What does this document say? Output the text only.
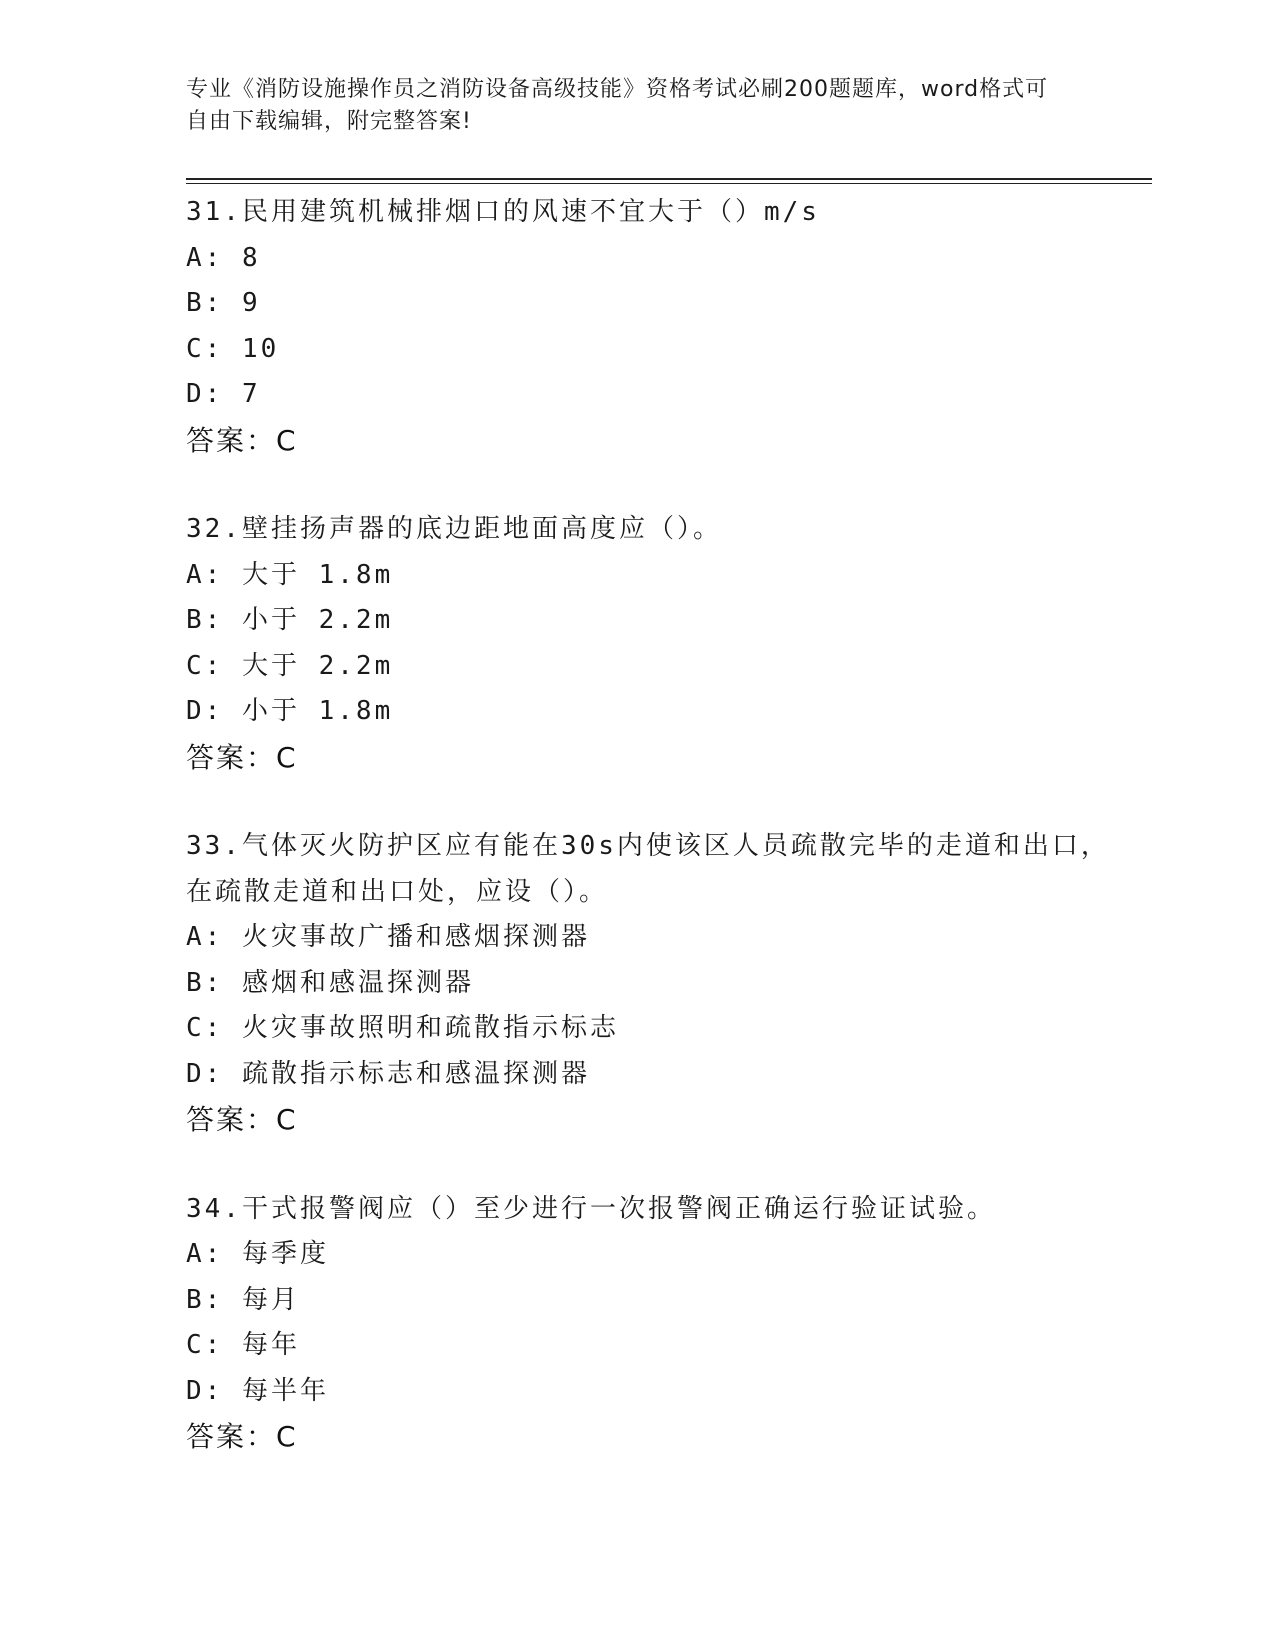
专业《消防设施操作员之消防设备高级技能》资格考试必刷200题题库，word格式可自由下载编辑，附完整答案!
31.民用建筑机械排烟口的风速不宜大于（）m/s
A: 8
B: 9
C: 10
D: 7
答案：C
32.壁挂扬声器的底边距地面高度应（）。
A: 大于 1.8m
B: 小于 2.2m
C: 大于 2.2m
D: 小于 1.8m
答案：C
33.气体灭火防护区应有能在30s内使该区人员疏散完毕的走道和出口，在疏散走道和出口处，应设（）。
A: 火灾事故广播和感烟探测器
B: 感烟和感温探测器
C: 火灾事故照明和疏散指示标志
D: 疏散指示标志和感温探测器
答案：C
34.干式报警阀应（）至少进行一次报警阀正确运行验证试验。
A: 每季度
B: 每月
C: 每年
D: 每半年
答案：C
